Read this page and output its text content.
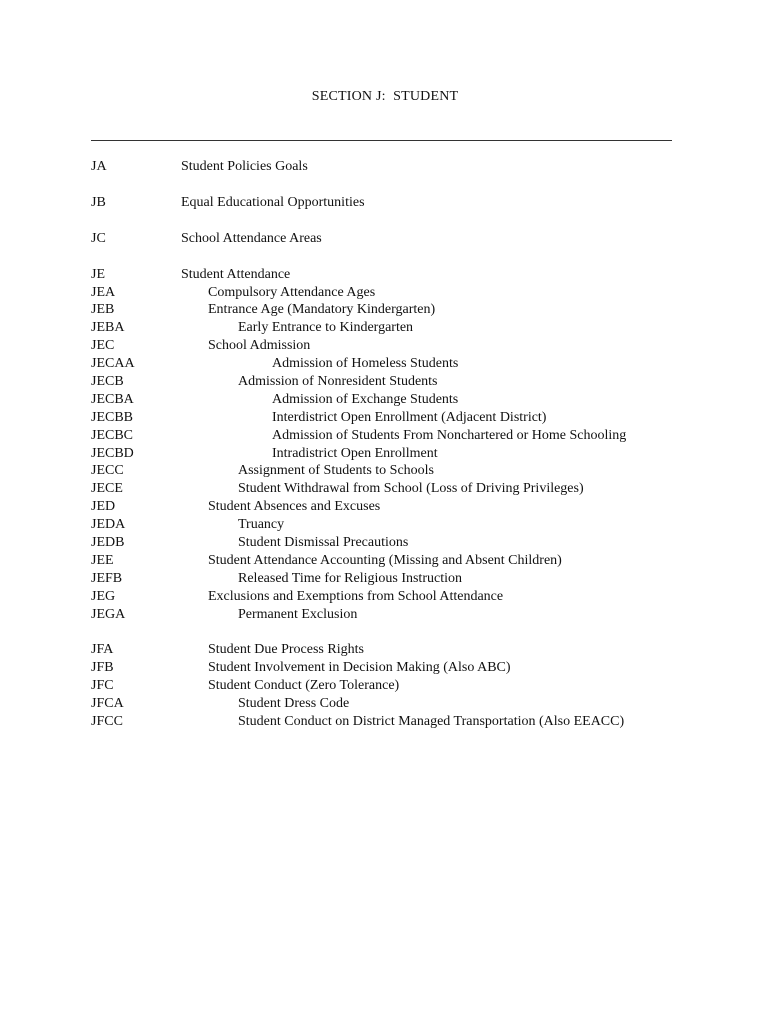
SECTION J:  STUDENT
JA	Student Policies Goals
JB	Equal Educational Opportunities
JC	School Attendance Areas
JE	Student Attendance
JEA	Compulsory Attendance Ages
JEB	Entrance Age (Mandatory Kindergarten)
JEBA	Early Entrance to Kindergarten
JEC	School Admission
JECAA	Admission of Homeless Students
JECB	Admission of Nonresident Students
JECBA	Admission of Exchange Students
JECBB	Interdistrict Open Enrollment (Adjacent District)
JECBC	Admission of Students From Nonchartered or Home Schooling
JECBD	Intradistrict Open Enrollment
JECC	Assignment of Students to Schools
JECE	Student Withdrawal from School (Loss of Driving Privileges)
JED	Student Absences and Excuses
JEDA	Truancy
JEDB	Student Dismissal Precautions
JEE	Student Attendance Accounting (Missing and Absent Children)
JEFB	Released Time for Religious Instruction
JEG	Exclusions and Exemptions from School Attendance
JEGA	Permanent Exclusion
JFA	Student Due Process Rights
JFB	Student Involvement in Decision Making (Also ABC)
JFC	Student Conduct (Zero Tolerance)
JFCA	Student Dress Code
JFCC	Student Conduct on District Managed Transportation (Also EEACC)
